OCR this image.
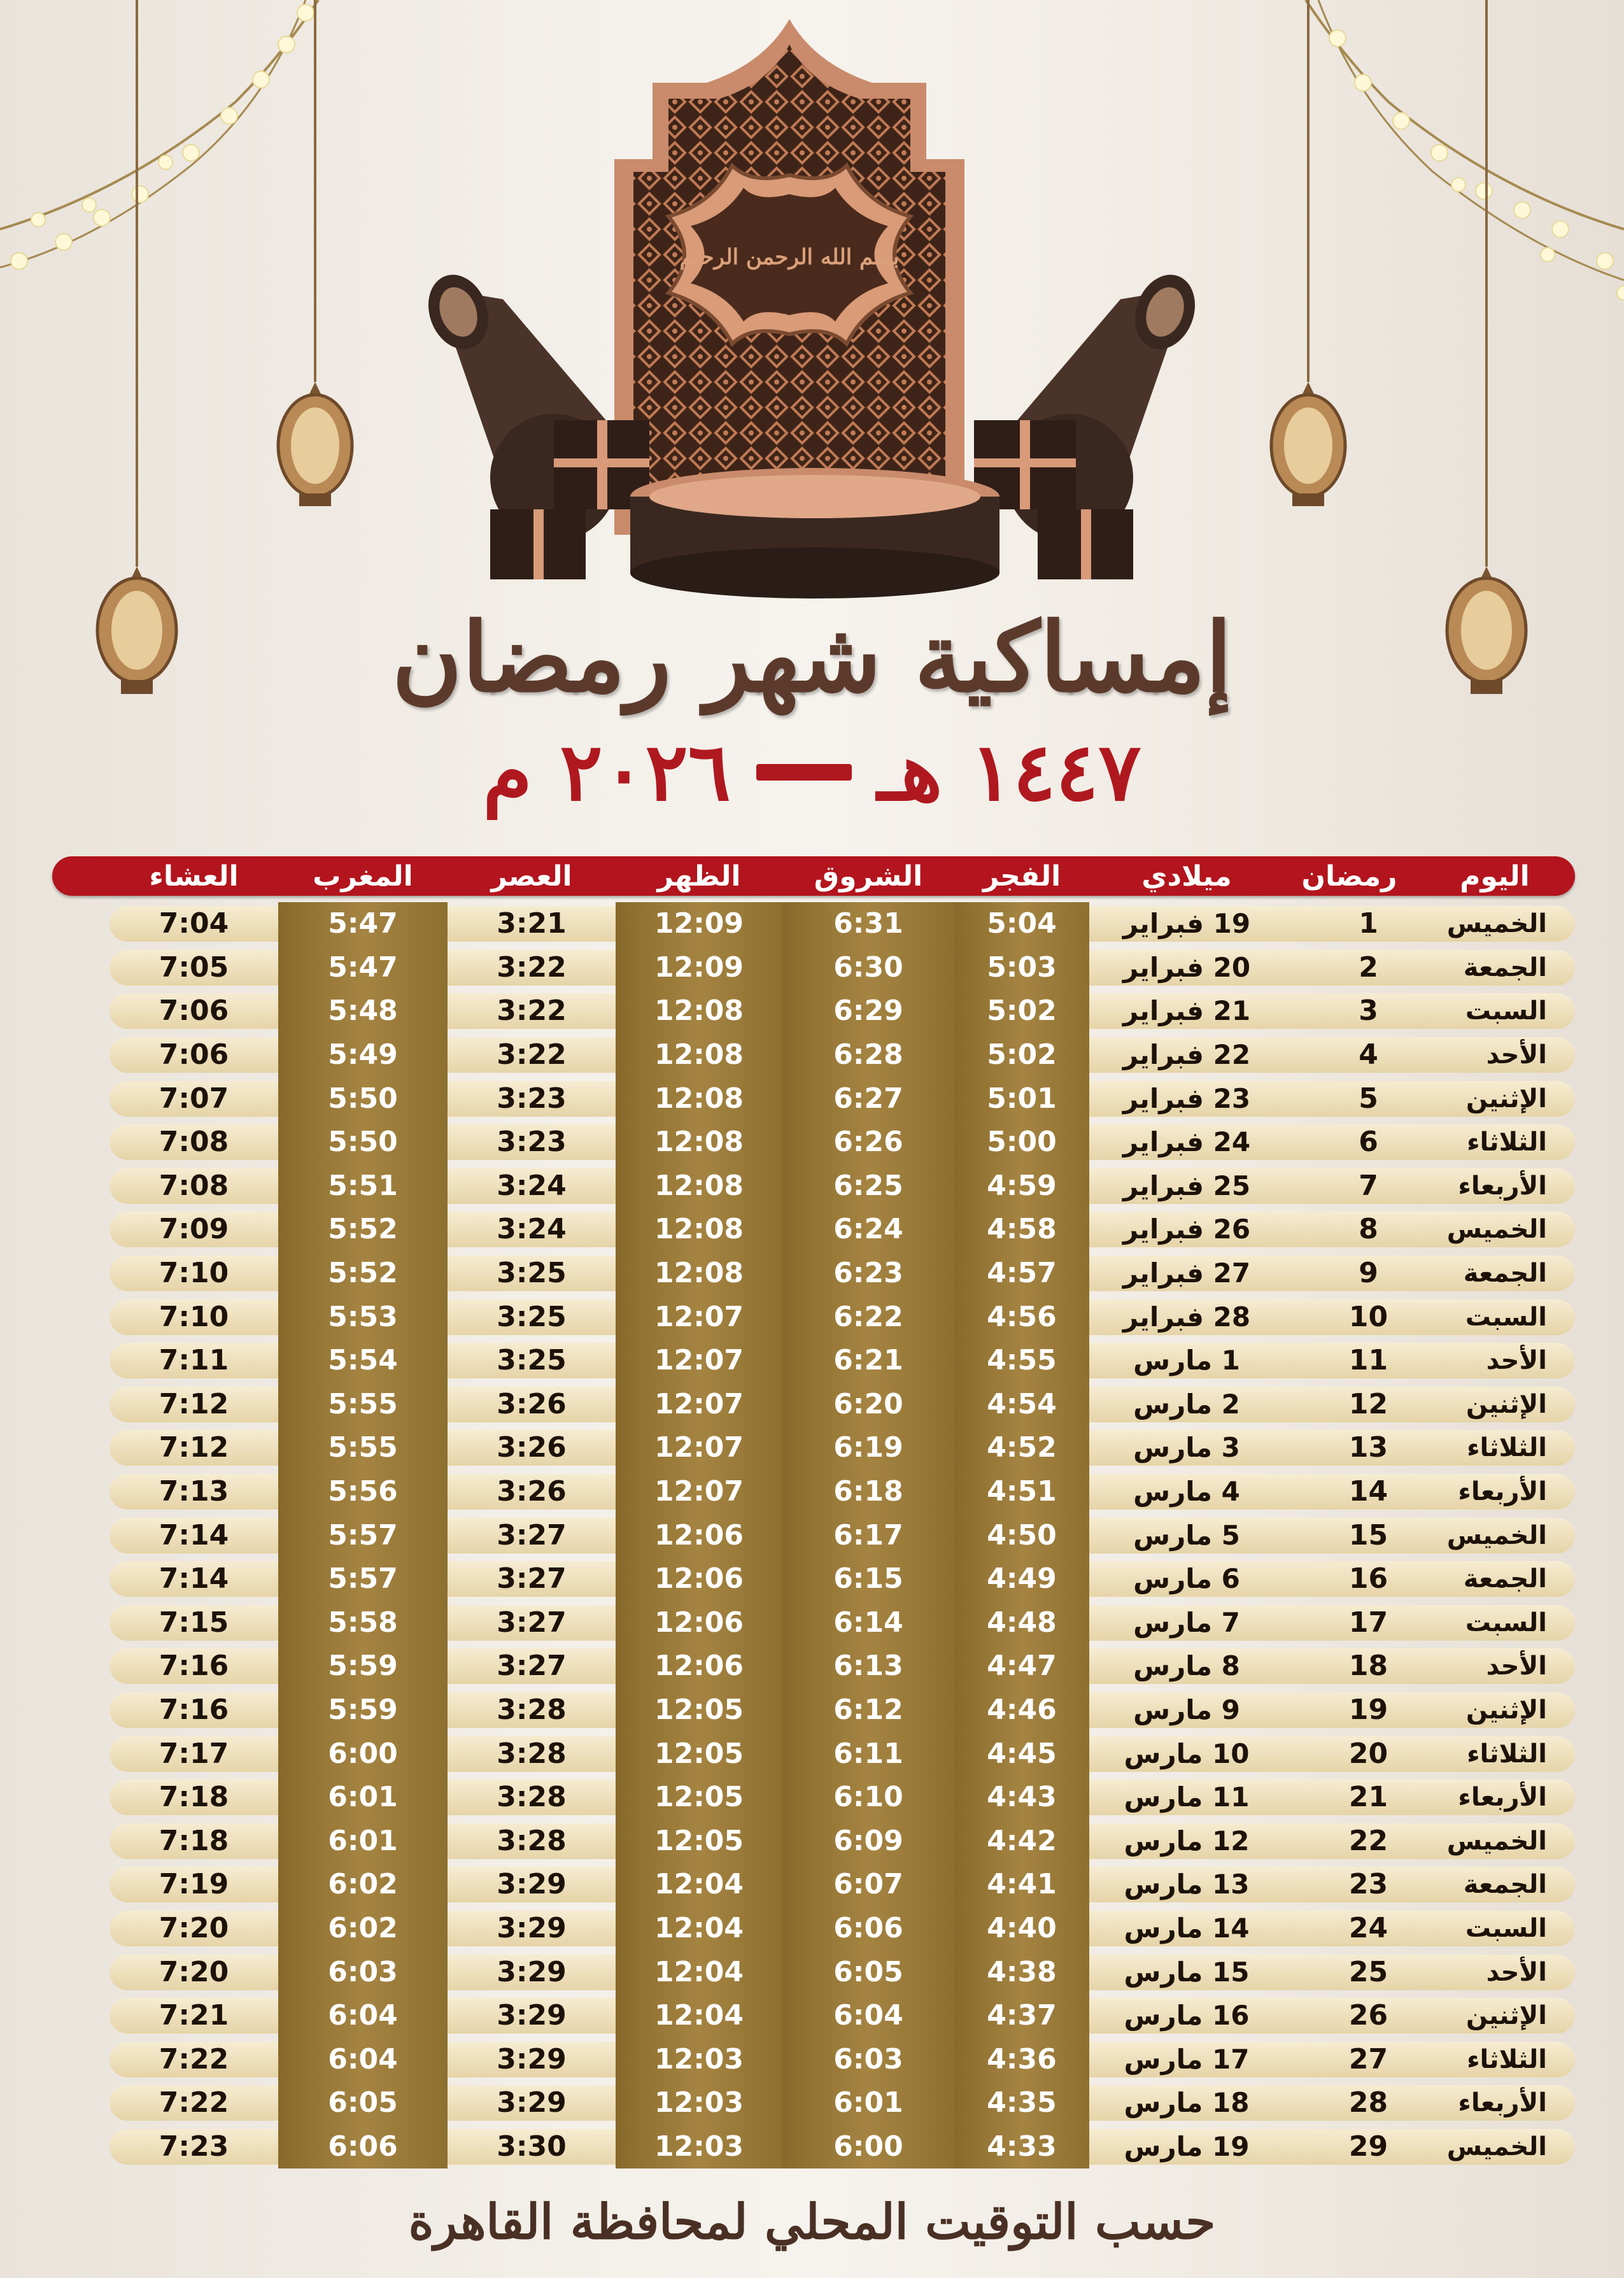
بسم الله الرحمن الرحيم
إمساكية شهر رمضان
١٤٤٧ هـ
٢٠٢٦ م
اليوم
رمضان
ميلادي
الفجر
الشروق
الظهر
العصر
المغرب
العشاء
الخميس
1
19 فبراير
5:04
6:31
12:09
3:21
5:47
7:04
الجمعة
2
20 فبراير
5:03
6:30
12:09
3:22
5:47
7:05
السبت
3
21 فبراير
5:02
6:29
12:08
3:22
5:48
7:06
الأحد
4
22 فبراير
5:02
6:28
12:08
3:22
5:49
7:06
الإثنين
5
23 فبراير
5:01
6:27
12:08
3:23
5:50
7:07
الثلاثاء
6
24 فبراير
5:00
6:26
12:08
3:23
5:50
7:08
الأربعاء
7
25 فبراير
4:59
6:25
12:08
3:24
5:51
7:08
الخميس
8
26 فبراير
4:58
6:24
12:08
3:24
5:52
7:09
الجمعة
9
27 فبراير
4:57
6:23
12:08
3:25
5:52
7:10
السبت
10
28 فبراير
4:56
6:22
12:07
3:25
5:53
7:10
الأحد
11
1 مارس
4:55
6:21
12:07
3:25
5:54
7:11
الإثنين
12
2 مارس
4:54
6:20
12:07
3:26
5:55
7:12
الثلاثاء
13
3 مارس
4:52
6:19
12:07
3:26
5:55
7:12
الأربعاء
14
4 مارس
4:51
6:18
12:07
3:26
5:56
7:13
الخميس
15
5 مارس
4:50
6:17
12:06
3:27
5:57
7:14
الجمعة
16
6 مارس
4:49
6:15
12:06
3:27
5:57
7:14
السبت
17
7 مارس
4:48
6:14
12:06
3:27
5:58
7:15
الأحد
18
8 مارس
4:47
6:13
12:06
3:27
5:59
7:16
الإثنين
19
9 مارس
4:46
6:12
12:05
3:28
5:59
7:16
الثلاثاء
20
10 مارس
4:45
6:11
12:05
3:28
6:00
7:17
الأربعاء
21
11 مارس
4:43
6:10
12:05
3:28
6:01
7:18
الخميس
22
12 مارس
4:42
6:09
12:05
3:28
6:01
7:18
الجمعة
23
13 مارس
4:41
6:07
12:04
3:29
6:02
7:19
السبت
24
14 مارس
4:40
6:06
12:04
3:29
6:02
7:20
الأحد
25
15 مارس
4:38
6:05
12:04
3:29
6:03
7:20
الإثنين
26
16 مارس
4:37
6:04
12:04
3:29
6:04
7:21
الثلاثاء
27
17 مارس
4:36
6:03
12:03
3:29
6:04
7:22
الأربعاء
28
18 مارس
4:35
6:01
12:03
3:29
6:05
7:22
الخميس
29
19 مارس
4:33
6:00
12:03
3:30
6:06
7:23
حسب التوقيت المحلي لمحافظة القاهرة
